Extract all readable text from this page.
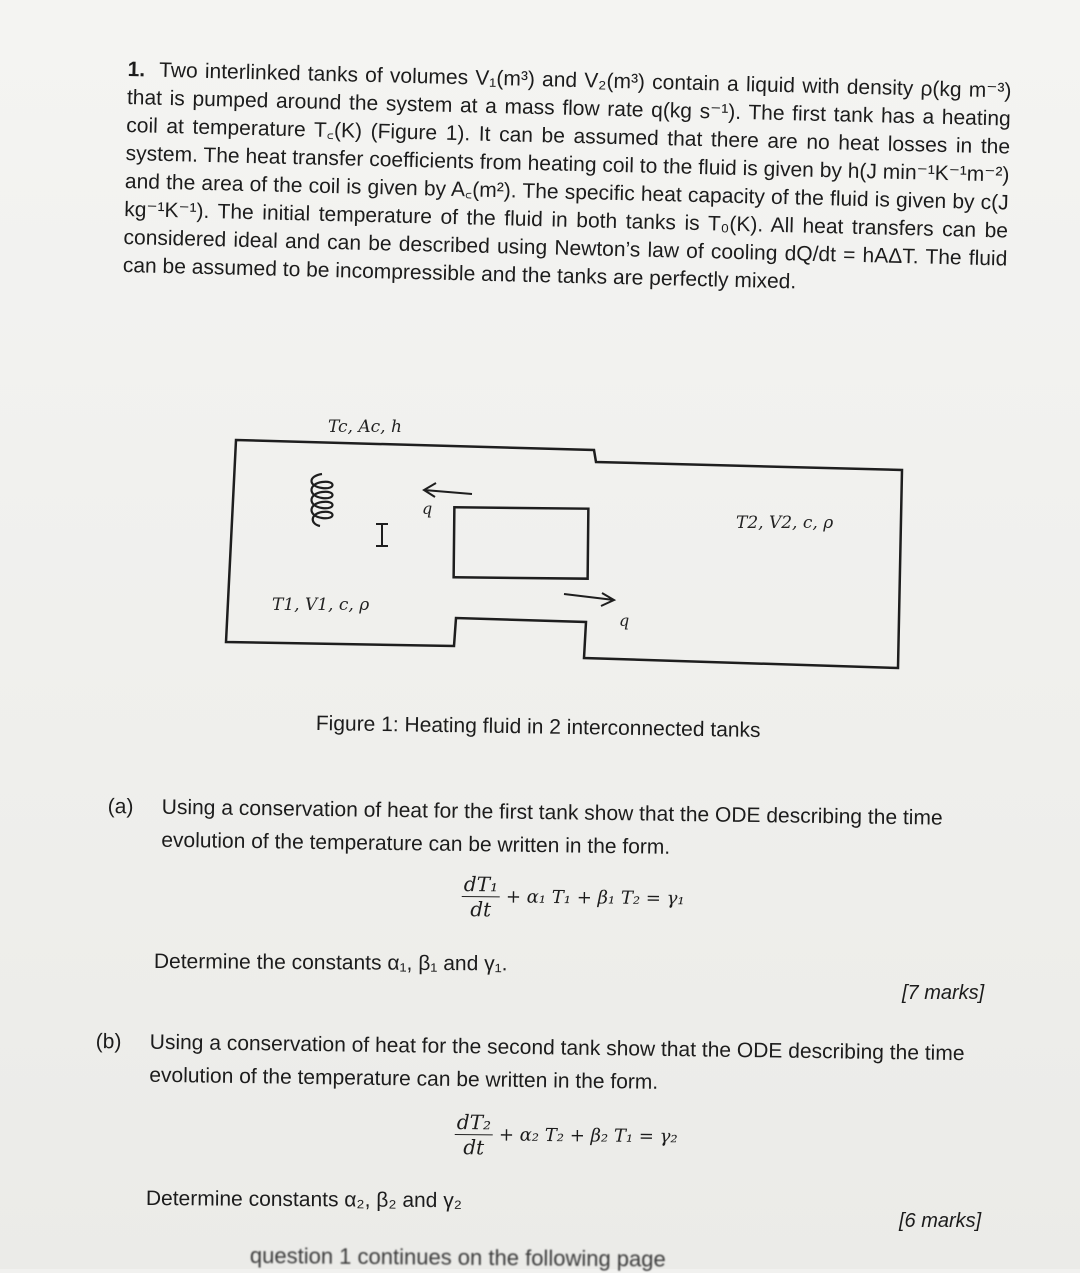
1. Two interlinked tanks of volumes V₁(m³) and V₂(m³) contain a liquid with density ρ(kg m⁻³) that is pumped around the system at a mass flow rate q(kg s⁻¹). The first tank has a heating coil at temperature T꜀(K) (Figure 1). It can be assumed that there are no heat losses in the system. The heat transfer coefficients from heating coil to the fluid is given by h(J min⁻¹K⁻¹m⁻²) and the area of the coil is given by A꜀(m²). The specific heat capacity of the fluid is given by c(J kg⁻¹K⁻¹). The initial temperature of the fluid in both tanks is T₀(K). All heat transfers can be considered ideal and can be described using Newton’s law of cooling dQ/dt = hAΔT. The fluid can be assumed to be incompressible and the tanks are perfectly mixed.
Tc, Ac, h
q
T2, V2, c, ρ
T1, V1, c, ρ
q
Figure 1: Heating fluid in 2 interconnected tanks
(a) Using a conservation of heat for the first tank show that the ODE describing the time evolution of the temperature can be written in the form.
$\frac{\text{dT₁}}{dt} + \alpha_1$ T₁ + β₁ T₂ = γ₁
Determine the constants α₁, β₁ and γ₁.
[7 marks]
(b) Using a conservation of heat for the second tank show that the ODE describing the time evolution of the temperature can be written in the form.
$\frac{\text{dT₂}}{dt} + \alpha_2$ T₂ + β₂ T₁ = γ₂
Determine constants α₂, β₂ and γ₂
[6 marks]
question 1 continues on the following page
